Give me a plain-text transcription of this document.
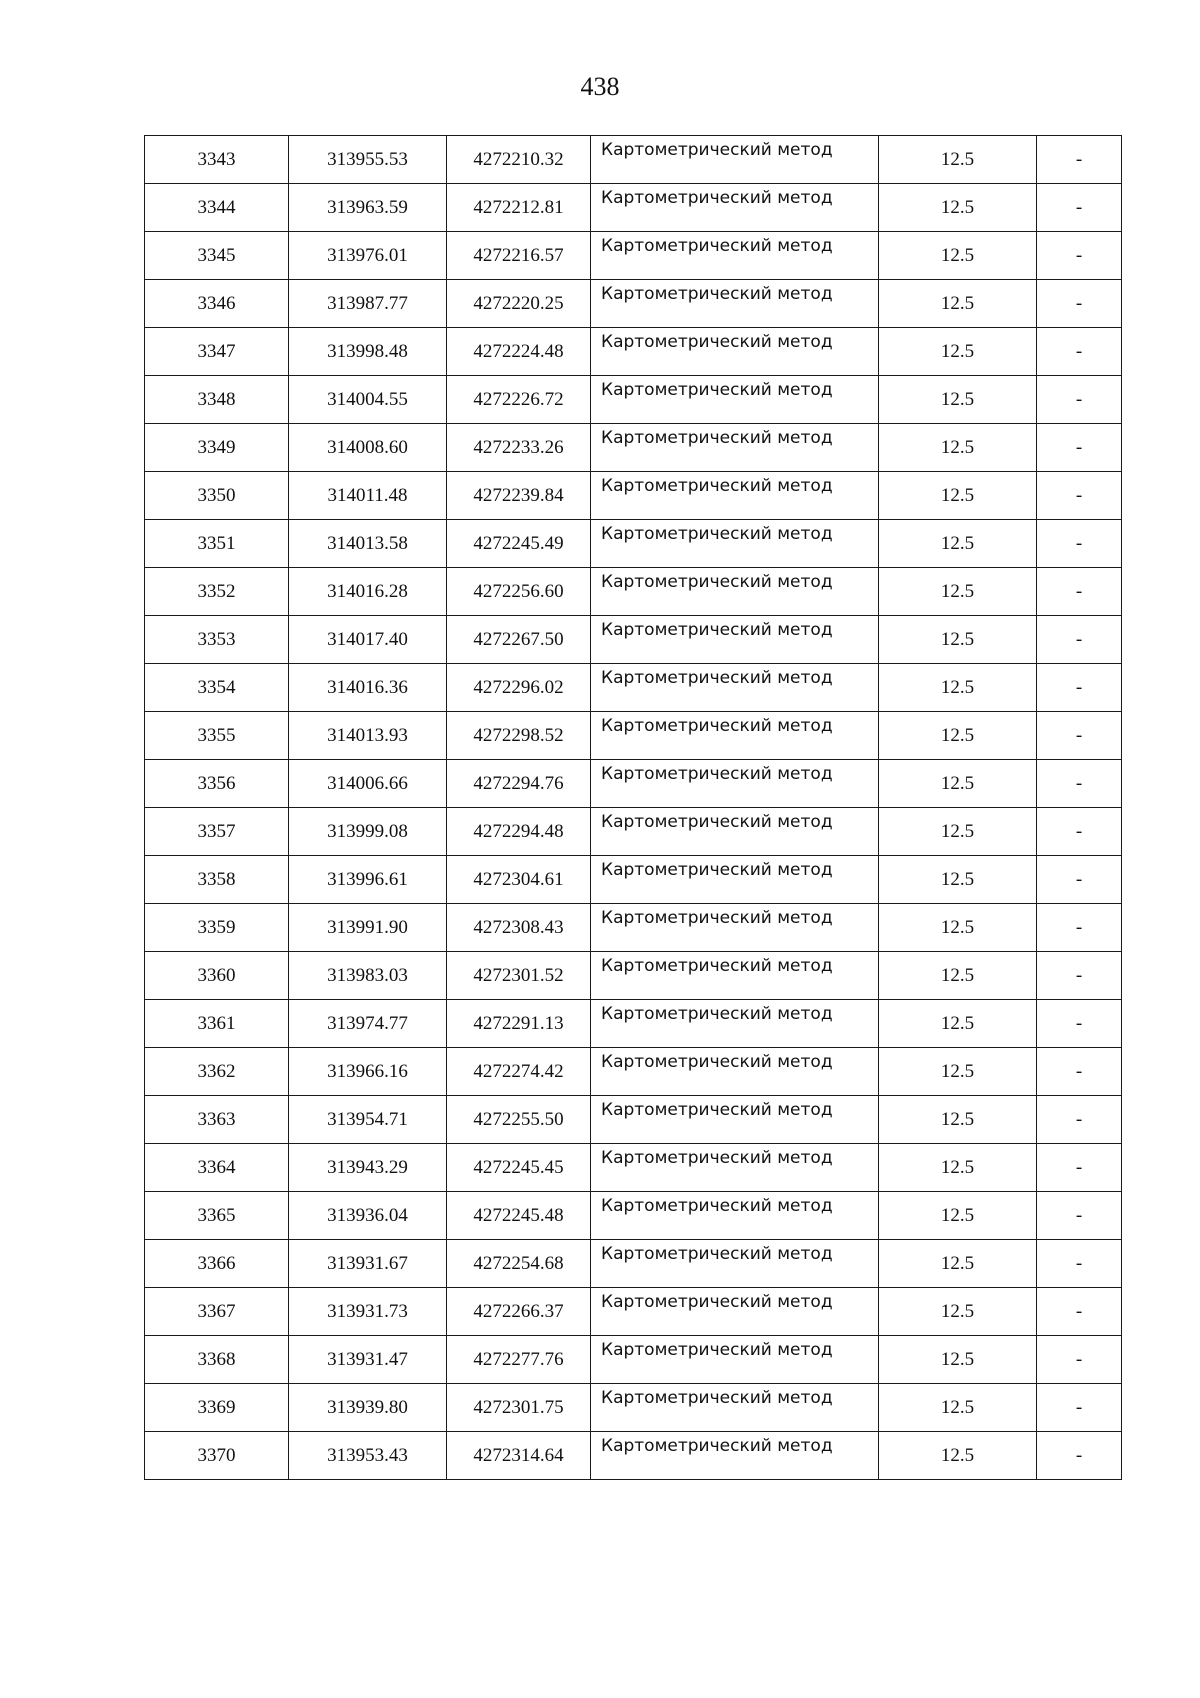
438
3343	313955.53	4272210.32	Картометрический метод	12.5	-
3344	313963.59	4272212.81	Картометрический метод	12.5	-
3345	313976.01	4272216.57	Картометрический метод	12.5	-
3346	313987.77	4272220.25	Картометрический метод	12.5	-
3347	313998.48	4272224.48	Картометрический метод	12.5	-
3348	314004.55	4272226.72	Картометрический метод	12.5	-
3349	314008.60	4272233.26	Картометрический метод	12.5	-
3350	314011.48	4272239.84	Картометрический метод	12.5	-
3351	314013.58	4272245.49	Картометрический метод	12.5	-
3352	314016.28	4272256.60	Картометрический метод	12.5	-
3353	314017.40	4272267.50	Картометрический метод	12.5	-
3354	314016.36	4272296.02	Картометрический метод	12.5	-
3355	314013.93	4272298.52	Картометрический метод	12.5	-
3356	314006.66	4272294.76	Картометрический метод	12.5	-
3357	313999.08	4272294.48	Картометрический метод	12.5	-
3358	313996.61	4272304.61	Картометрический метод	12.5	-
3359	313991.90	4272308.43	Картометрический метод	12.5	-
3360	313983.03	4272301.52	Картометрический метод	12.5	-
3361	313974.77	4272291.13	Картометрический метод	12.5	-
3362	313966.16	4272274.42	Картометрический метод	12.5	-
3363	313954.71	4272255.50	Картометрический метод	12.5	-
3364	313943.29	4272245.45	Картометрический метод	12.5	-
3365	313936.04	4272245.48	Картометрический метод	12.5	-
3366	313931.67	4272254.68	Картометрический метод	12.5	-
3367	313931.73	4272266.37	Картометрический метод	12.5	-
3368	313931.47	4272277.76	Картометрический метод	12.5	-
3369	313939.80	4272301.75	Картометрический метод	12.5	-
3370	313953.43	4272314.64	Картометрический метод	12.5	-
